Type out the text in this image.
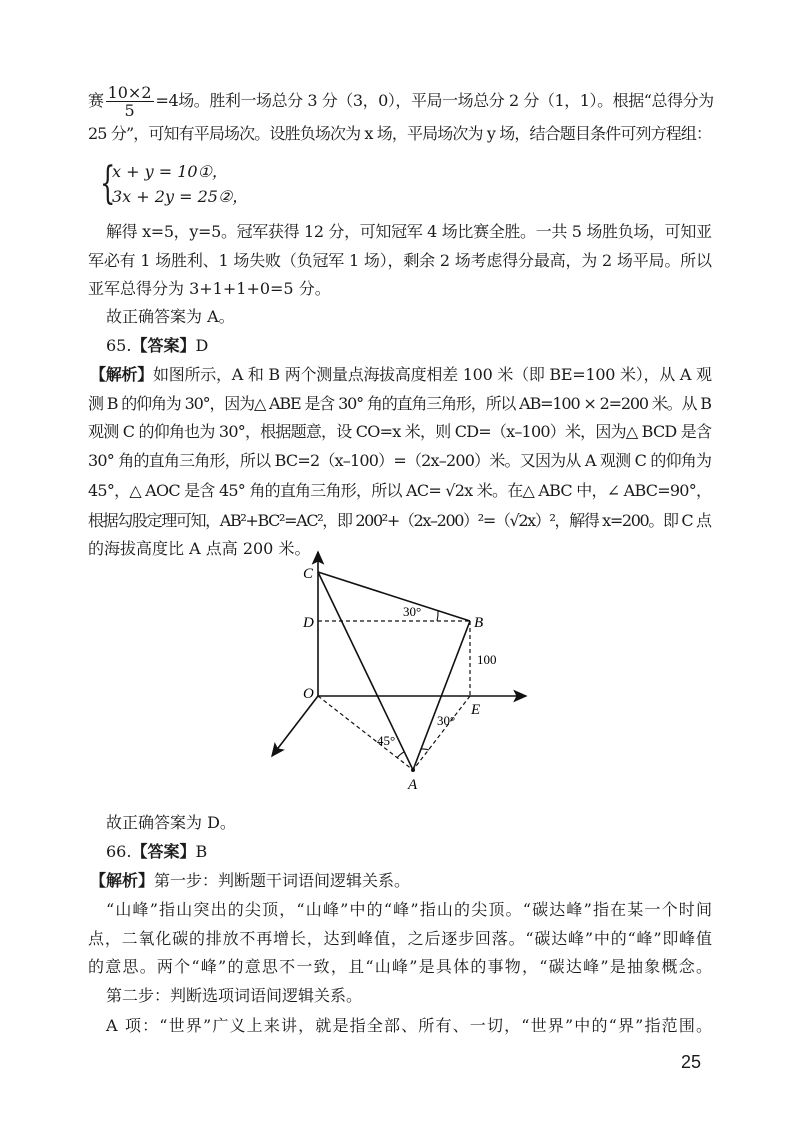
赛 $\frac{10\times 2}{5} =4$场。胜利一场总分 3 分（3，0），平局一场总分 2 分（1，1）。根据“总得分为
25 分”，可知有平局场次。设胜负场次为 x 场，平局场次为 y 场，结合题目条件可列方程组：
{
x + y = 10①，
3x + 2y = 25②，
解得 x=5，y=5。冠军获得 12 分，可知冠军 4 场比赛全胜。一共 5 场胜负场，可知亚
军必有 1 场胜利、1 场失败（负冠军 1 场），剩余 2 场考虑得分最高，为 2 场平局。所以
亚军总得分为 3+1+1+0=5 分。
故正确答案为 A。
65.【答案】D
【解析】如图所示，A 和 B 两个测量点海拔高度相差 100 米（即 BE=100 米），从 A 观
测 B 的仰角为 30°，因为△ ABE 是含 30° 角的直角三角形，所以 AB=100 × 2=200 米。从 B
观测 C 的仰角也为 30°，根据题意，设 CO=x 米，则 CD=（x–100）米，因为△ BCD 是含
30° 角的直角三角形，所以 BC=2（x–100）=（2x–200）米。又因为从 A 观测 C 的仰角为
45°，△ AOC 是含 45° 角的直角三角形，所以 AC= √2x 米。在△ ABC 中，∠ ABC=90°，
根据勾股定理可知，AB²+BC²=AC²，即 200²+（2x–200）²=（√2x）²，解得 x=200。即 C 点
的海拔高度比 A 点高 200 米。
C
D	B
O
E
A
30°
30°
45°
100
故正确答案为 D。
66.【答案】B
【解析】第一步：判断题干词语间逻辑关系。
“山峰”指山突出的尖顶，“山峰”中的“峰”指山的尖顶。“碳达峰”指在某一个时间
点，二氧化碳的排放不再增长，达到峰值，之后逐步回落。“碳达峰”中的“峰”即峰值
的意思。两个“峰”的意思不一致，且“山峰”是具体的事物，“碳达峰”是抽象概念。
第二步：判断选项词语间逻辑关系。
A 项：“世界”广义上来讲，就是指全部、所有、一切，“世界”中的“界”指范围。
25
